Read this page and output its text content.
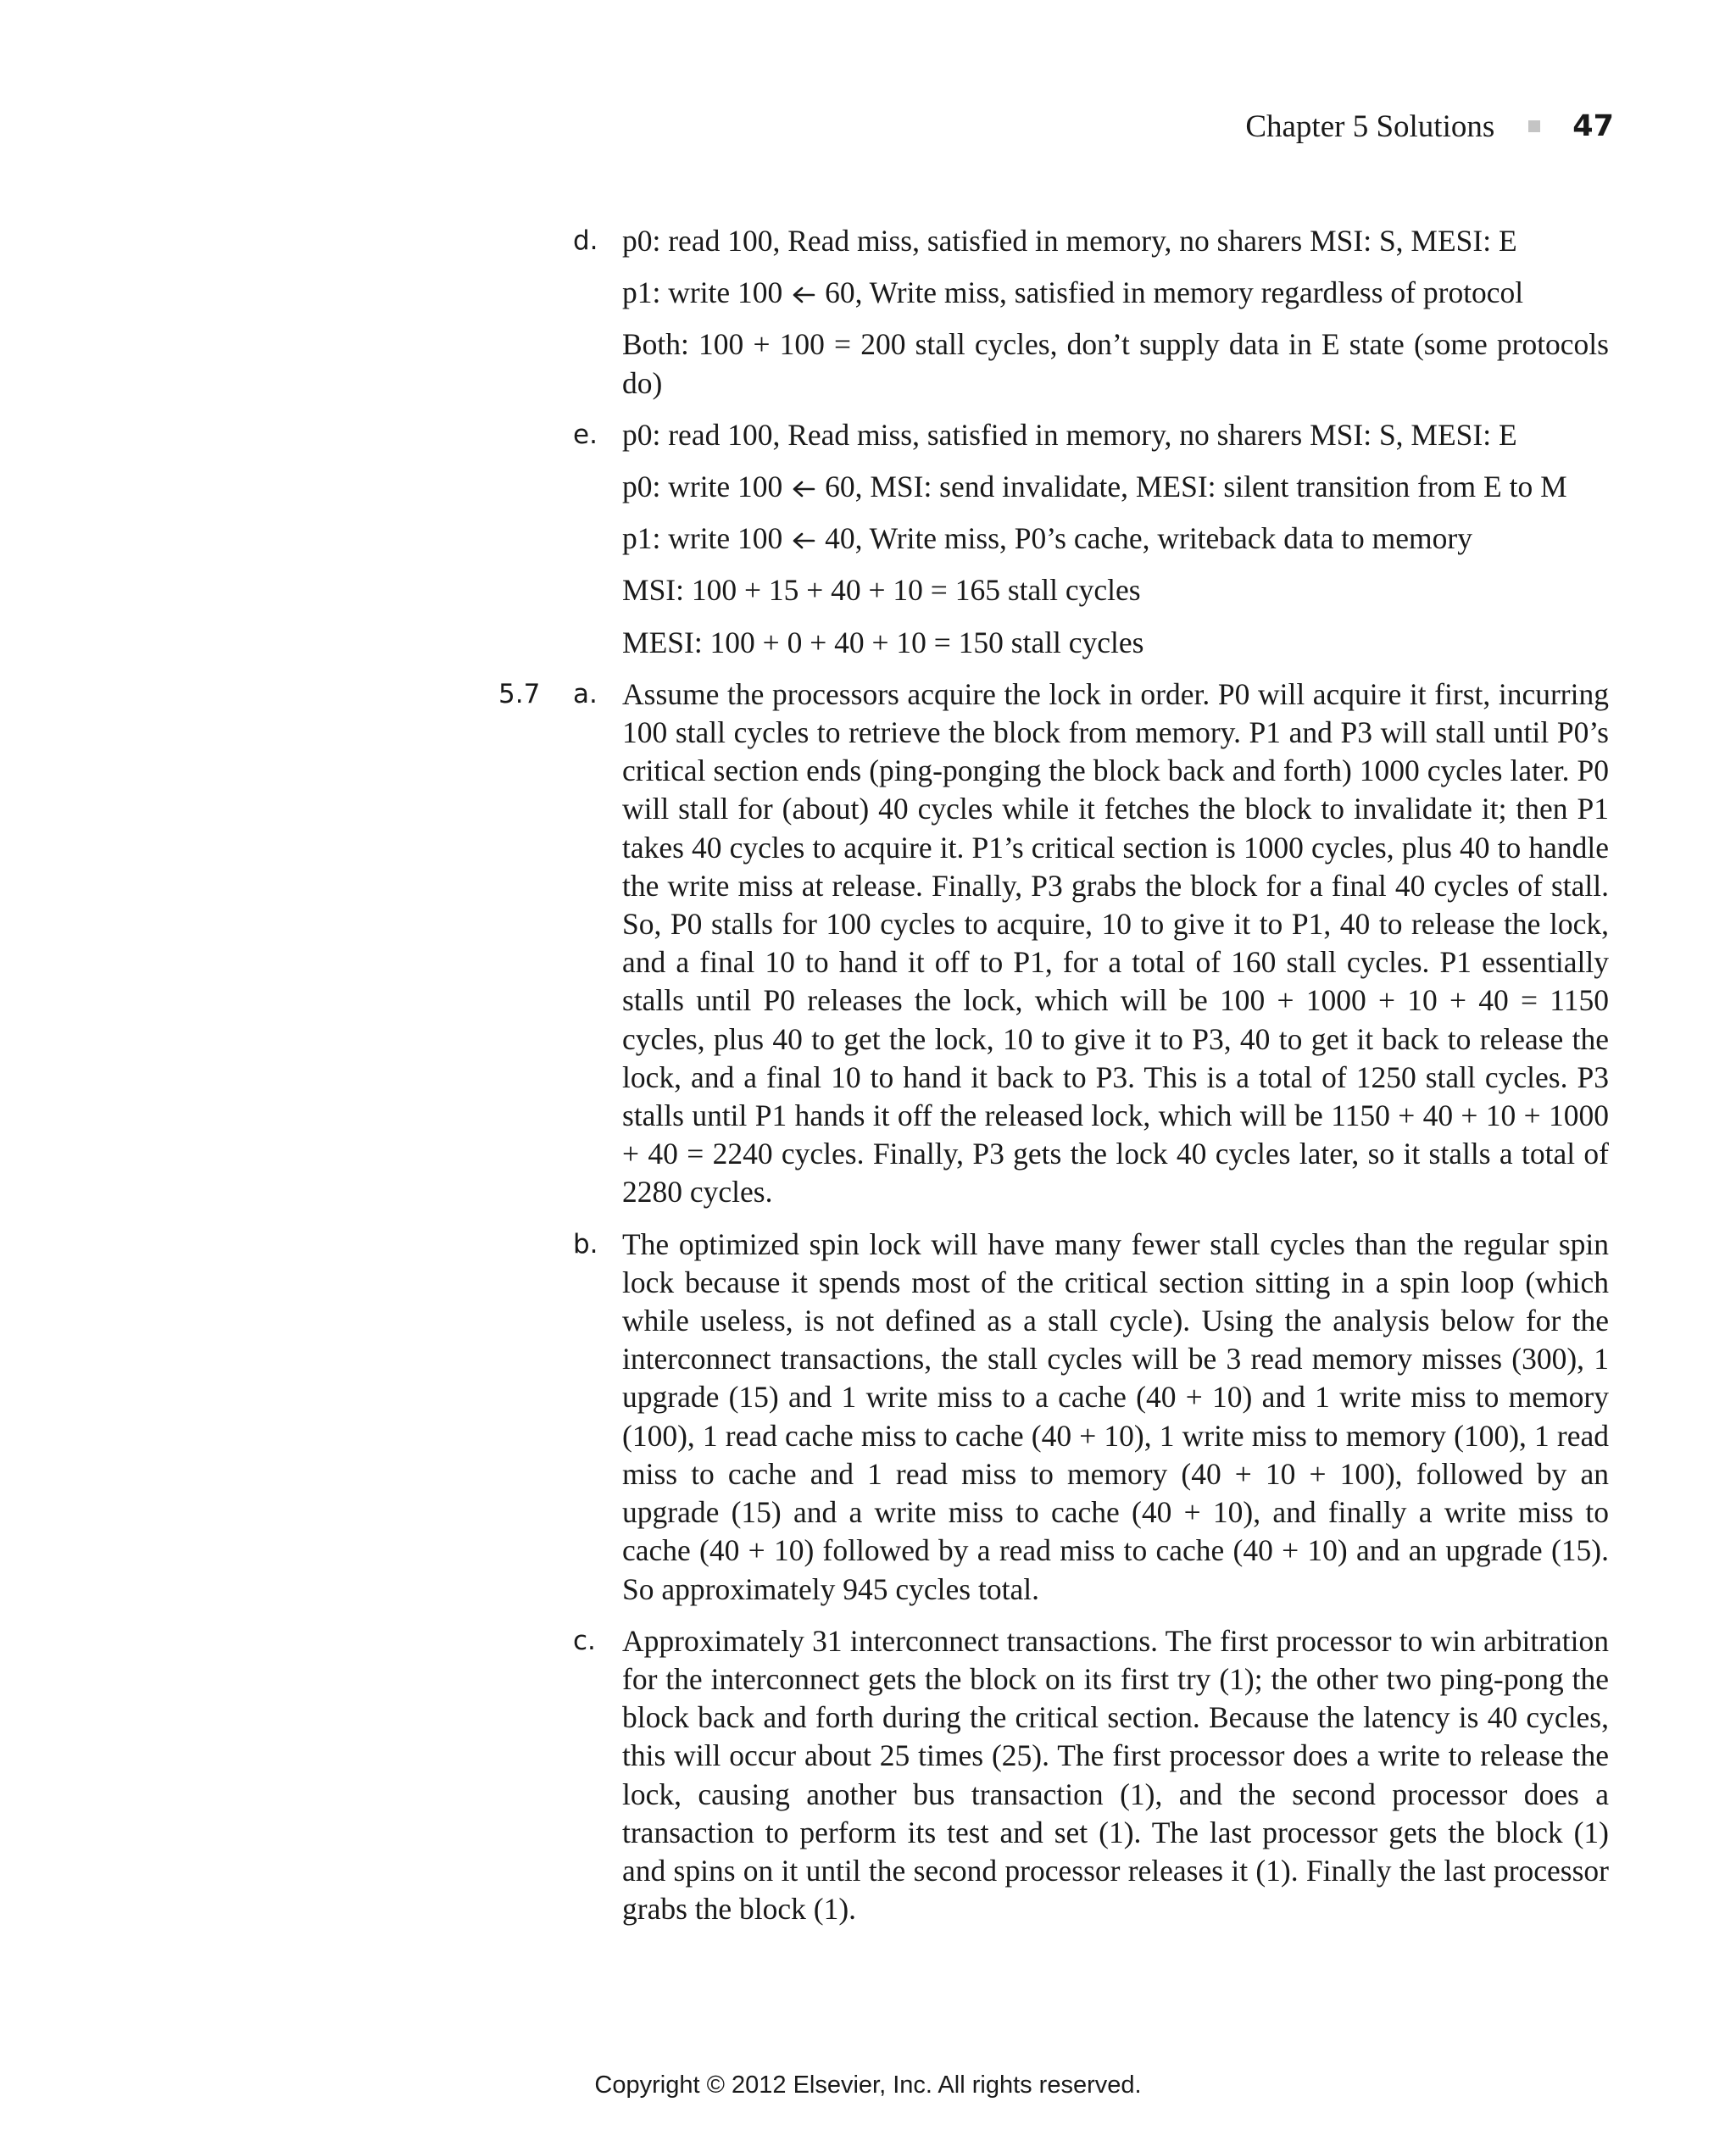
Chapter 5 Solutions	47
d. p0: read 100, Read miss, satisfied in memory, no sharers MSI: S, MESI: E
p1: write 100 60, Write miss, satisfied in memory regardless of protocol
Both: 100 + 100 = 200 stall cycles, don’t supply data in E state (some protocols do)
e. p0: read 100, Read miss, satisfied in memory, no sharers MSI: S, MESI: E
p0: write 100 60, MSI: send invalidate, MESI: silent transition from E to M
p1: write 100 40, Write miss, P0’s cache, writeback data to memory
MSI: 100 + 15 + 40 + 10 = 165 stall cycles
MESI: 100 + 0 + 40 + 10 = 150 stall cycles
5.7 a. Assume the processors acquire the lock in order. P0 will acquire it first, incurring 100 stall cycles to retrieve the block from memory. P1 and P3 will stall until P0’s critical section ends (ping-ponging the block back and forth) 1000 cycles later. P0 will stall for (about) 40 cycles while it fetches the block to invalidate it; then P1 takes 40 cycles to acquire it. P1’s critical section is 1000 cycles, plus 40 to handle the write miss at release. Finally, P3 grabs the block for a final 40 cycles of stall. So, P0 stalls for 100 cycles to acquire, 10 to give it to P1, 40 to release the lock, and a final 10 to hand it off to P1, for a total of 160 stall cycles. P1 essentially stalls until P0 releases the lock, which will be 100 + 1000 + 10 + 40 = 1150 cycles, plus 40 to get the lock, 10 to give it to P3, 40 to get it back to release the lock, and a final 10 to hand it back to P3. This is a total of 1250 stall cycles. P3 stalls until P1 hands it off the released lock, which will be 1150 + 40 + 10 + 1000 + 40 = 2240 cycles. Finally, P3 gets the lock 40 cycles later, so it stalls a total of 2280 cycles.
b. The optimized spin lock will have many fewer stall cycles than the regular spin lock because it spends most of the critical section sitting in a spin loop (which while useless, is not defined as a stall cycle). Using the analysis below for the interconnect transactions, the stall cycles will be 3 read memory misses (300), 1 upgrade (15) and 1 write miss to a cache (40 + 10) and 1 write miss to memory (100), 1 read cache miss to cache (40 + 10), 1 write miss to memory (100), 1 read miss to cache and 1 read miss to memory (40 + 10 + 100), followed by an upgrade (15) and a write miss to cache (40 + 10), and finally a write miss to cache (40 + 10) followed by a read miss to cache (40 + 10) and an upgrade (15). So approximately 945 cycles total.
c. Approximately 31 interconnect transactions. The first processor to win arbitration for the interconnect gets the block on its first try (1); the other two ping-pong the block back and forth during the critical section. Because the latency is 40 cycles, this will occur about 25 times (25). The first processor does a write to release the lock, causing another bus transaction (1), and the second processor does a transaction to perform its test and set (1). The last processor gets the block (1) and spins on it until the second processor releases it (1). Finally the last processor grabs the block (1).
Copyright © 2012 Elsevier, Inc. All rights reserved.
